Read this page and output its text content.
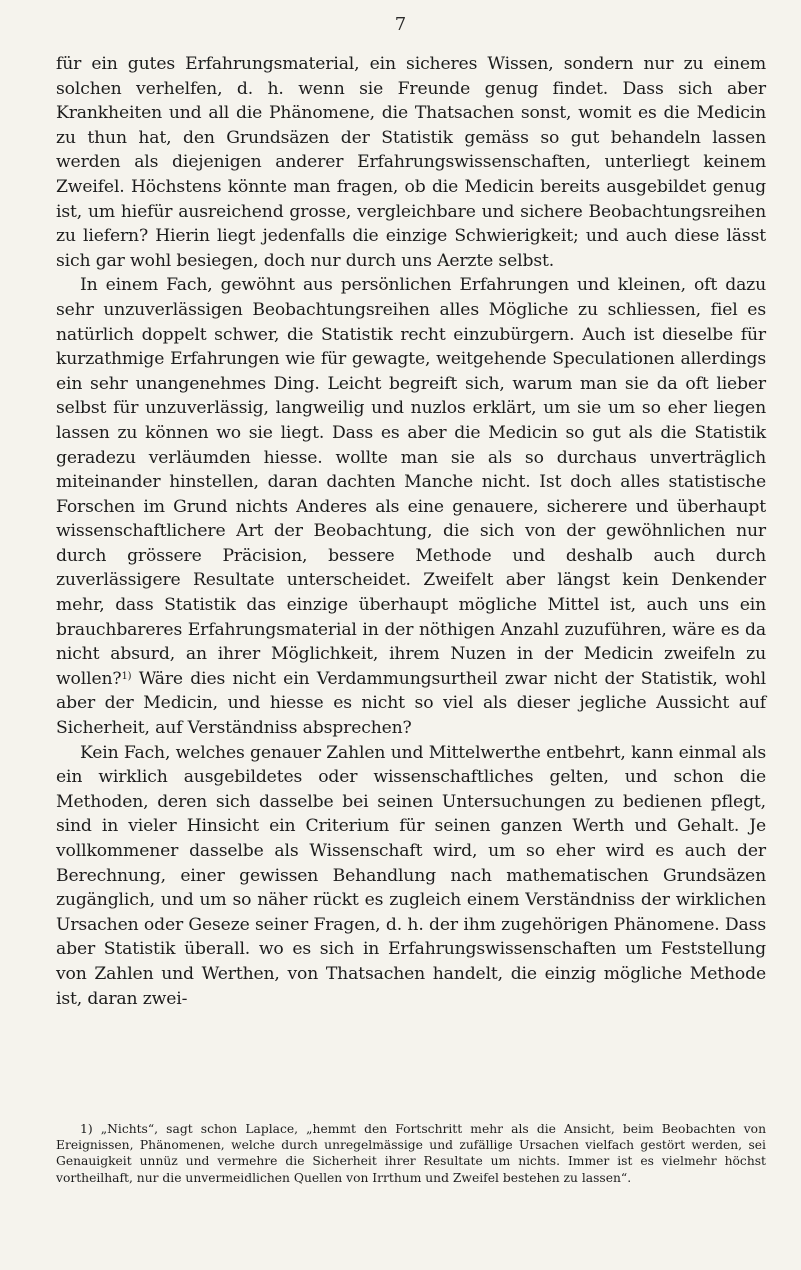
7

für ein gutes Erfahrungsmaterial, ein sicheres Wissen, sondern nur zu einem solchen verhelfen, d. h. wenn sie Freunde genug findet. Dass sich aber Krankheiten und all die Phänomene, die Thatsachen sonst, womit es die Medicin zu thun hat, den Grundsäzen der Statistik gemäss so gut behandeln lassen werden als diejenigen anderer Erfahrungswissenschaften, unterliegt keinem Zweifel. Höchstens könnte man fragen, ob die Medicin bereits ausgebildet genug ist, um hiefür ausreichend grosse, vergleichbare und sichere Beobachtungsreihen zu liefern? Hierin liegt jedenfalls die einzige Schwierigkeit; und auch diese lässt sich gar wohl besiegen, doch nur durch uns Aerzte selbst.

In einem Fach, gewöhnt aus persönlichen Erfahrungen und kleinen, oft dazu sehr unzuverlässigen Beobachtungsreihen alles Mögliche zu schliessen, fiel es natürlich doppelt schwer, die Statistik recht einzubürgern. Auch ist dieselbe für kurzathmige Erfahrungen wie für gewagte, weitgehende Speculationen allerdings ein sehr unangenehmes Ding. Leicht begreift sich, warum man sie da oft lieber selbst für unzuverlässig, langweilig und nuzlos erklärt, um sie um so eher liegen lassen zu können wo sie liegt. Dass es aber die Medicin so gut als die Statistik geradezu verläumden hiesse. wollte man sie als so durchaus unverträglich miteinander hinstellen, daran dachten Manche nicht. Ist doch alles statistische Forschen im Grund nichts Anderes als eine genauere, sicherere und überhaupt wissenschaftlichere Art der Beobachtung, die sich von der gewöhnlichen nur durch grössere Präcision, bessere Methode und deshalb auch durch zuverlässigere Resultate unterscheidet. Zweifelt aber längst kein Denkender mehr, dass Statistik das einzige überhaupt mögliche Mittel ist, auch uns ein brauchbareres Erfahrungsmaterial in der nöthigen Anzahl zuzuführen, wäre es da nicht absurd, an ihrer Möglichkeit, ihrem Nuzen in der Medicin zweifeln zu wollen?$^{1)}$ Wäre dies nicht ein Verdammungsurtheil zwar nicht der Statistik, wohl aber der Medicin, und hiesse es nicht so viel als dieser jegliche Aussicht auf Sicherheit, auf Verständniss absprechen?

Kein Fach, welches genauer Zahlen und Mittelwerthe entbehrt, kann einmal als ein wirklich ausgebildetes oder wissenschaftliches gelten, und schon die Methoden, deren sich dasselbe bei seinen Untersuchungen zu bedienen pflegt, sind in vieler Hinsicht ein Criterium für seinen ganzen Werth und Gehalt. Je vollkommener dasselbe als Wissenschaft wird, um so eher wird es auch der Berechnung, einer gewissen Behandlung nach mathematischen Grundsäzen zugänglich, und um so näher rückt es zugleich einem Verständniss der wirklichen Ursachen oder Geseze seiner Fragen, d. h. der ihm zugehörigen Phänomene. Dass aber Statistik überall. wo es sich in Erfahrungswissenschaften um Feststellung von Zahlen und Werthen, von Thatsachen handelt, die einzig mögliche Methode ist, daran zwei-

1) „Nichts“, sagt schon Laplace, „hemmt den Fortschritt mehr als die Ansicht, beim Beobachten von Ereignissen, Phänomenen, welche durch unregelmässige und zufällige Ursachen vielfach gestört werden, sei Genauigkeit unnüz und vermehre die Sicherheit ihrer Resultate um nichts. Immer ist es vielmehr höchst vortheilhaft, nur die unvermeidlichen Quellen von Irrthum und Zweifel bestehen zu lassen“.
